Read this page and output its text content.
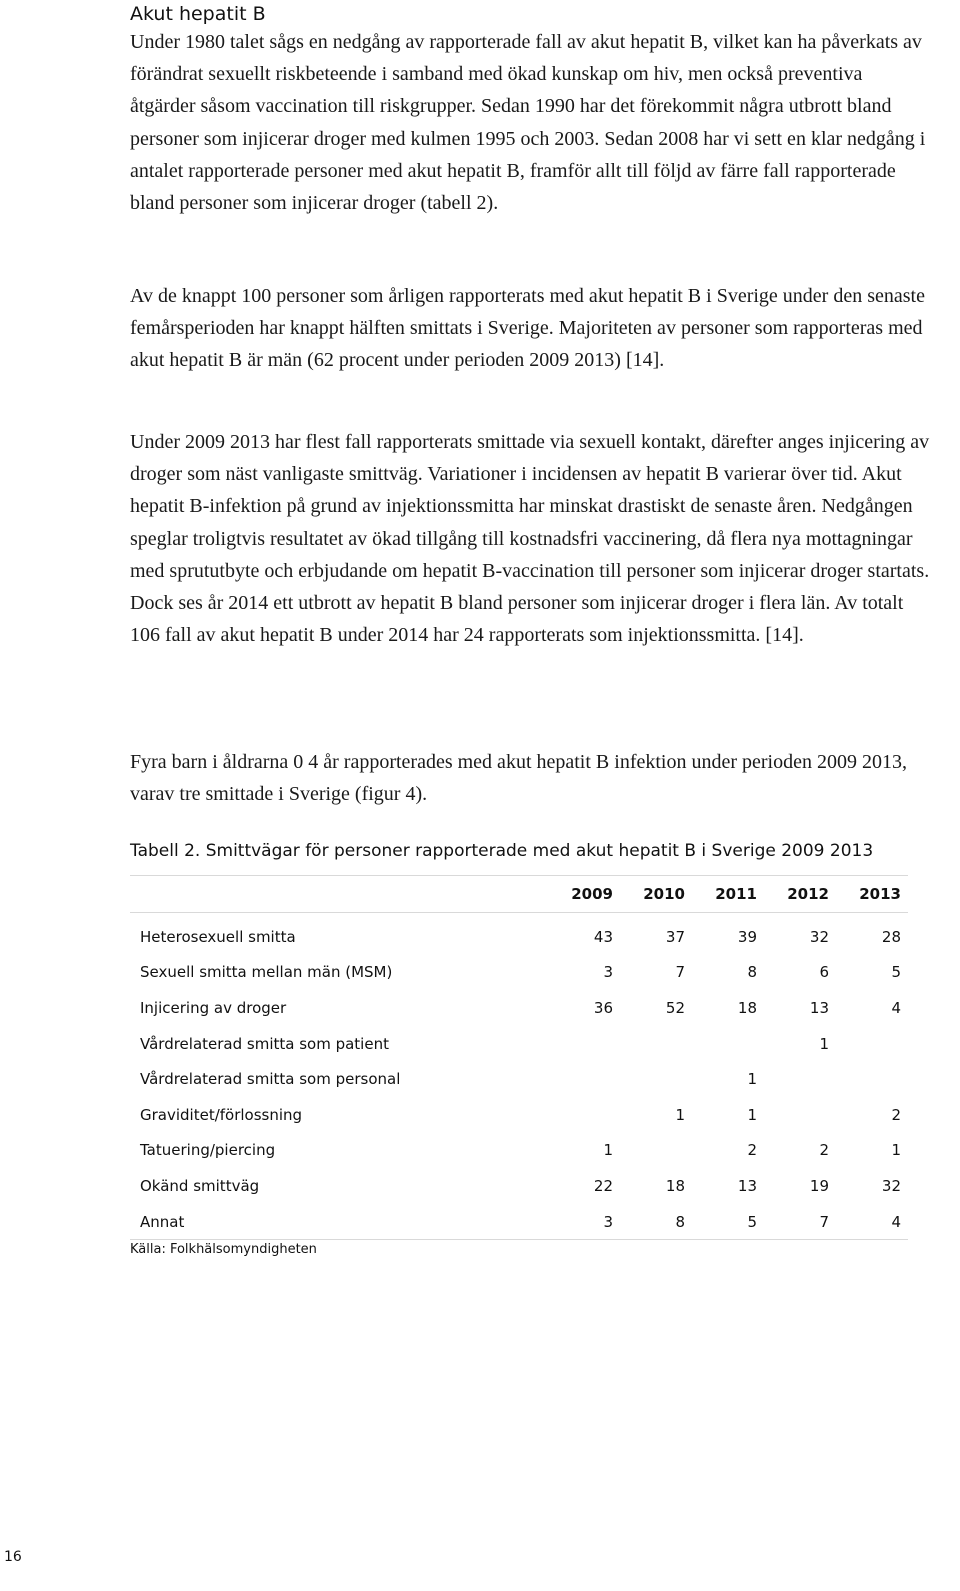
Akut hepatit B

Under 1980 talet sågs en nedgång av rapporterade fall av akut hepatit B, vilket kan ha påverkats av förändrat sexuellt riskbeteende i samband med ökad kunskap om hiv, men också preventiva åtgärder såsom vaccination till riskgrupper. Sedan 1990 har det förekommit några utbrott bland personer som injicerar droger med kulmen 1995 och 2003. Sedan 2008 har vi sett en klar nedgång i antalet rapporterade personer med akut hepatit B, framför allt till följd av färre fall rapporterade bland personer som injicerar droger (tabell 2).

Av de knappt 100 personer som årligen rapporterats med akut hepatit B i Sverige under den senaste femårsperioden har knappt hälften smittats i Sverige. Majoriteten av personer som rapporteras med akut hepatit B är män (62 procent under perioden 2009 2013) [14].

Under 2009 2013 har flest fall rapporterats smittade via sexuell kontakt, därefter anges injicering av droger som näst vanligaste smittväg. Variationer i incidensen av hepatit B varierar över tid. Akut hepatit B-infektion på grund av injektionssmitta har minskat drastiskt de senaste åren. Nedgången speglar troligtvis resultatet av ökad tillgång till kostnadsfri vaccinering, då flera nya mottagningar med sprututbyte och erbjudande om hepatit B-vaccination till personer som injicerar droger startats. Dock ses år 2014 ett utbrott av hepatit B bland personer som injicerar droger i flera län. Av totalt 106 fall av akut hepatit B under 2014 har 24 rapporterats som injektionssmitta. [14].

Fyra barn i åldrarna 0 4 år rapporterades med akut hepatit B infektion under perioden 2009 2013, varav tre smittade i Sverige (figur 4).

Tabell 2. Smittvägar för personer rapporterade med akut hepatit B i Sverige 2009 2013

	2009	2010	2011	2012	2013
Heterosexuell smitta	43	37	39	32	28
Sexuell smitta mellan män (MSM)	3	7	8	6	5
Injicering av droger	36	52	18	13	4
Vårdrelaterad smitta som patient				1	
Vårdrelaterad smitta som personal			1		
Graviditet/förlossning		1	1		2
Tatuering/piercing	1		2	2	1
Okänd smittväg	22	18	13	19	32
Annat	3	8	5	7	4

Källa: Folkhälsomyndigheten

16
